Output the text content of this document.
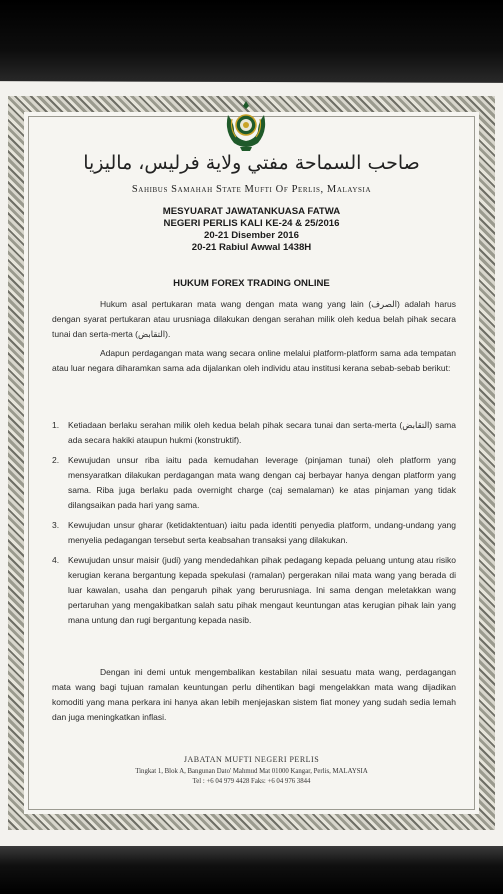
صاحب السماحة مفتي ولاية فرليس، ماليزيا
Sahibus Samahah State Mufti Of Perlis, Malaysia
MESYUARAT JAWATANKUASA FATWA
NEGERI PERLIS KALI KE-24 & 25/2016
20-21 Disember 2016
20-21 Rabiul Awwal 1438H
HUKUM FOREX TRADING ONLINE
Hukum asal pertukaran mata wang dengan mata wang yang lain (الصرف) adalah harus dengan syarat pertukaran atau urusniaga dilakukan dengan serahan milik oleh kedua belah pihak secara tunai dan serta-merta (التقابض).
Adapun perdagangan mata wang secara online melalui platform-platform sama ada tempatan atau luar negara diharamkan sama ada dijalankan oleh individu atau institusi kerana sebab-sebab berikut:
1.	Ketiadaan berlaku serahan milik oleh kedua belah pihak secara tunai dan serta-merta (التقابض) sama ada secara hakiki ataupun hukmi (konstruktif).
2.	Kewujudan unsur riba iaitu pada kemudahan leverage (pinjaman tunai) oleh platform yang mensyaratkan dilakukan perdagangan mata wang dengan caj berbayar hanya dengan platform yang sama. Riba juga berlaku pada overnight charge (caj semalaman) ke atas pinjaman yang tidak dilangsaikan pada hari yang sama.
3.	Kewujudan unsur gharar (ketidaktentuan) iaitu pada identiti penyedia platform, undang-undang yang menyelia pedagangan tersebut serta keabsahan transaksi yang dilakukan.
4.	Kewujudan unsur maisir (judi) yang mendedahkan pihak pedagang kepada peluang untung atau risiko kerugian kerana bergantung kepada spekulasi (ramalan) pergerakan nilai mata wang yang berada di luar kawalan, usaha dan pengaruh pihak yang berurusniaga. Ini sama dengan meletakkan wang pertaruhan yang mengakibatkan salah satu pihak mengaut keuntungan atas kerugian pihak lain yang mana untung dan rugi bergantung kepada nasib.
Dengan ini demi untuk mengembalikan kestabilan nilai sesuatu mata wang, perdagangan mata wang bagi tujuan ramalan keuntungan perlu dihentikan bagi mengelakkan mata wang dijadikan komoditi yang mana perkara ini hanya akan lebih menjejaskan sistem fiat money yang sudah sedia lemah dan juga meningkatkan inflasi.
JABATAN MUFTI NEGERI PERLIS
Tingkat 1, Blok A, Bangunan Dato' Mahmud Mat 01000 Kangar, Perlis, MALAYSIA
Tel : +6 04 979 4428 Faks: +6 04 976 3844
